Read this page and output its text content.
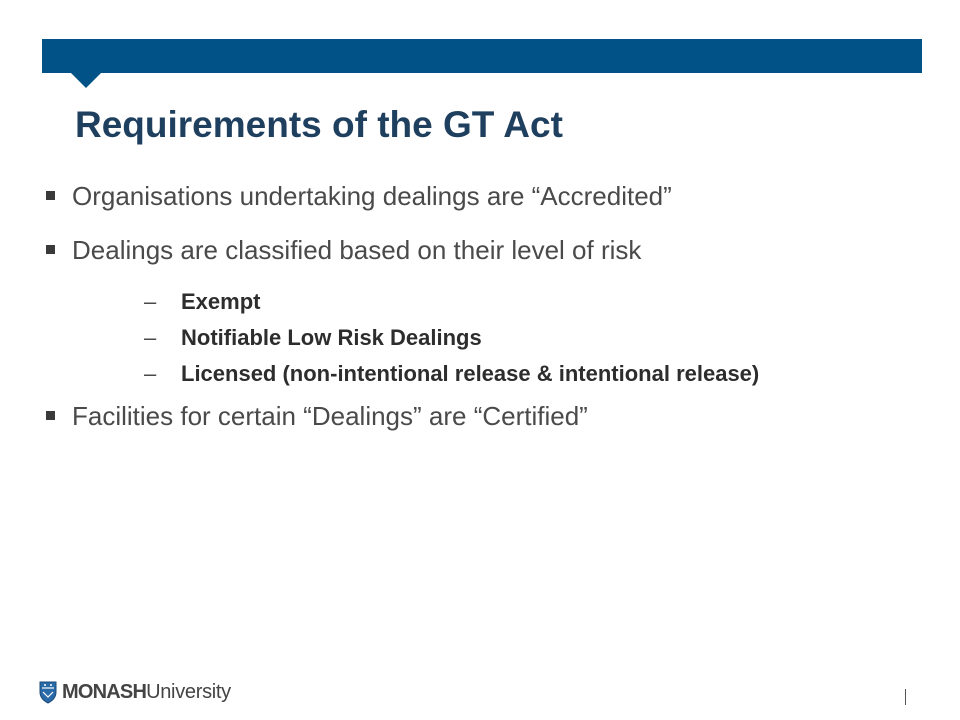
Requirements of the GT Act
Organisations undertaking dealings are “Accredited”
Dealings are classified based on their level of risk
Facilities for certain “Dealings” are “Certified”
– Exempt
– Notifiable Low Risk Dealings
– Licensed (non-intentional release & intentional release)
MONASHUniversity
